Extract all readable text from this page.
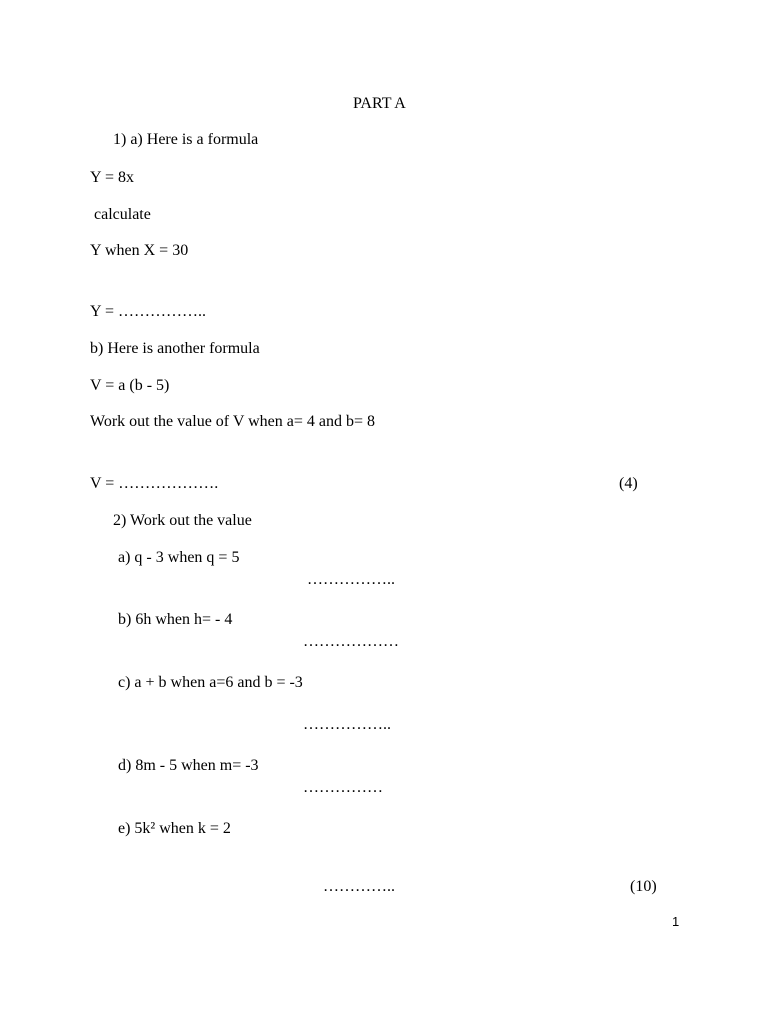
PART A
1) a) Here is a formula
Y = 8x
calculate
Y when X = 30
Y = ……………..
b) Here is another formula
V = a (b - 5)
Work out the value of V when a= 4 and b= 8
V = ……………….	(4)
2) Work out the value
a) q - 3 when q = 5
……………..
b) 6h when h= - 4
………………
c) a + b when a=6 and b = -3
……………..
d) 8m - 5 when m= -3
……………
e) 5k² when k = 2
…………..	(10)
1
